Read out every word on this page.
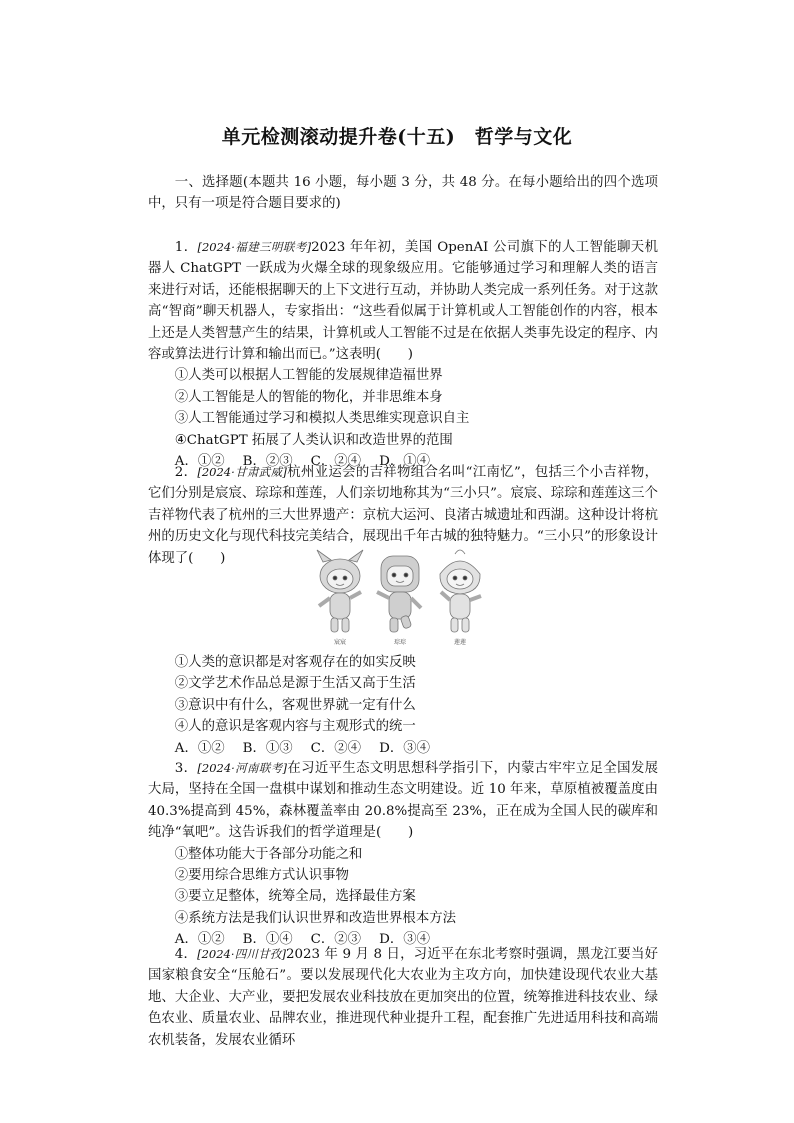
单元检测滚动提升卷(十五)　哲学与文化

一、选择题(本题共 16 小题，每小题 3 分，共 48 分。在每小题给出的四个选项中，只有一项是符合题目要求的)

1．[2024·福建三明联考]2023 年年初，美国 OpenAI 公司旗下的人工智能聊天机器人 ChatGPT 一跃成为火爆全球的现象级应用。它能够通过学习和理解人类的语言来进行对话，还能根据聊天的上下文进行互动，并协助人类完成一系列任务。对于这款高“智商”聊天机器人，专家指出：“这些看似属于计算机或人工智能创作的内容，根本上还是人类智慧产生的结果，计算机或人工智能不过是在依据人类事先设定的程序、内容或算法进行计算和输出而已。”这表明(　　)

①人类可以根据人工智能的发展规律造福世界
②人工智能是人的智能的物化，并非思维本身
③人工智能通过学习和模拟人类思维实现意识自主
④ChatGPT 拓展了人类认识和改造世界的范围
A．①② B．②③ C．②④ D．①④

2．[2024·甘肃武威]杭州亚运会的吉祥物组合名叫“江南忆”，包括三个小吉祥物，它们分别是宸宸、琮琮和莲莲，人们亲切地称其为“三小只”。宸宸、琮琮和莲莲这三个吉祥物代表了杭州的三大世界遗产：京杭大运河、良渚古城遗址和西湖。这种设计将杭州的历史文化与现代科技完美结合，展现出千年古城的独特魅力。“三小只”的形象设计体现了(　　)

宸宸	琮琮	莲莲
①人类的意识都是对客观存在的如实反映
②文学艺术作品总是源于生活又高于生活
③意识中有什么，客观世界就一定有什么
④人的意识是客观内容与主观形式的统一
A．①② B．①③ C．②④ D．③④

3．[2024·河南联考]在习近平生态文明思想科学指引下，内蒙古牢牢立足全国发展大局，坚持在全国一盘棋中谋划和推动生态文明建设。近 10 年来，草原植被覆盖度由 40.3%提高到 45%，森林覆盖率由 20.8%提高至 23%，正在成为全国人民的碳库和纯净“氧吧”。这告诉我们的哲学道理是(　　)

①整体功能大于各部分功能之和
②要用综合思维方式认识事物
③要立足整体，统筹全局，选择最佳方案
④系统方法是我们认识世界和改造世界根本方法
A．①② B．①④ C．②③ D．③④

4．[2024·四川甘孜]2023 年 9 月 8 日，习近平在东北考察时强调，黑龙江要当好国家粮食安全“压舱石”。要以发展现代化大农业为主攻方向，加快建设现代农业大基地、大企业、大产业，要把发展农业科技放在更加突出的位置，统筹推进科技农业、绿色农业、质量农业、品牌农业，推进现代种业提升工程，配套推广先进适用科技和高端农机装备，发展农业循环
